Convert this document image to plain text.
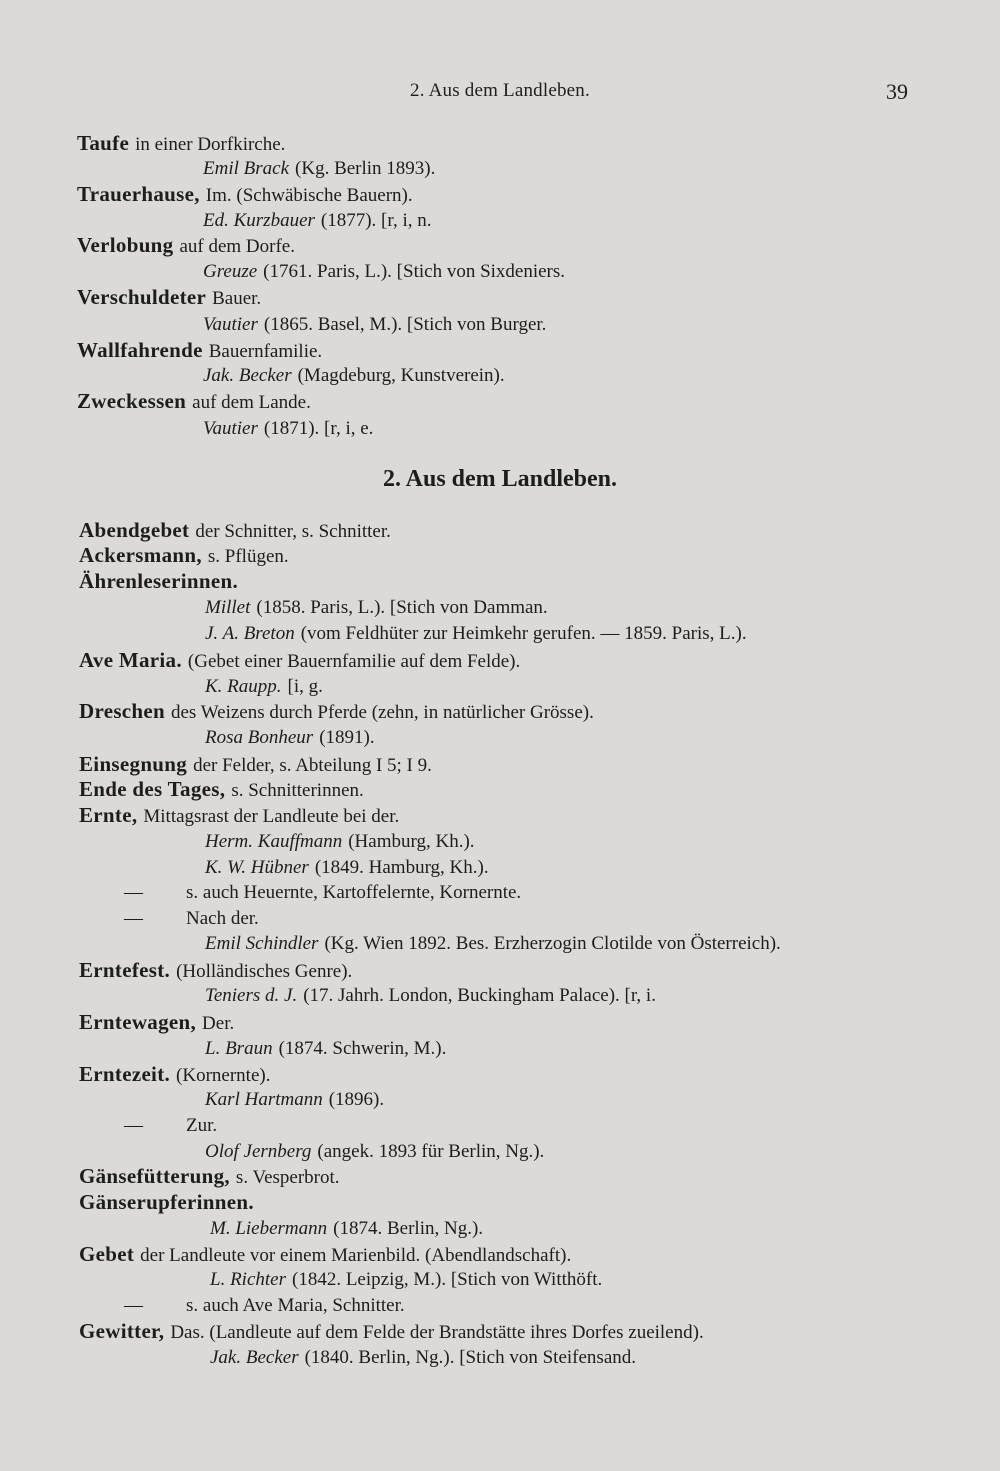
2. Aus dem Landleben.	39
Taufe in einer Dorfkirche.
Emil Brack (Kg. Berlin 1893).
Trauerhause, Im. (Schwäbische Bauern).
Ed. Kurzbauer (1877). [r, i, n.
Verlobung auf dem Dorfe.
Greuze (1761. Paris, L.). [Stich von Sixdeniers.
Verschuldeter Bauer.
Vautier (1865. Basel, M.). [Stich von Burger.
Wallfahrende Bauernfamilie.
Jak. Becker (Magdeburg, Kunstverein).
Zweckessen auf dem Lande.
Vautier (1871). [r, i, e.
2. Aus dem Landleben.
Abendgebet der Schnitter, s. Schnitter.
Ackersmann, s. Pflügen.
Ährenleserinnen.
Millet (1858. Paris, L.). [Stich von Damman.
J. A. Breton (vom Feldhüter zur Heimkehr gerufen. — 1859. Paris, L.).
Ave Maria. (Gebet einer Bauernfamilie auf dem Felde).
K. Raupp. [i, g.
Dreschen des Weizens durch Pferde (zehn, in natürlicher Grösse).
Rosa Bonheur (1891).
Einsegnung der Felder, s. Abteilung I 5; I 9.
Ende des Tages, s. Schnitterinnen.
Ernte, Mittagsrast der Landleute bei der.
Herm. Kauffmann (Hamburg, Kh.).
K. W. Hübner (1849. Hamburg, Kh.).
— s. auch Heuernte, Kartoffelernte, Kornernte.
— Nach der.
Emil Schindler (Kg. Wien 1892. Bes. Erzherzogin Clotilde von Österreich).
Erntefest. (Holländisches Genre).
Teniers d. J. (17. Jahrh. London, Buckingham Palace). [r, i.
Erntewagen, Der.
L. Braun (1874. Schwerin, M.).
Erntezeit. (Kornernte).
Karl Hartmann (1896).
— Zur.
Olof Jernberg (angek. 1893 für Berlin, Ng.).
Gänsefütterung, s. Vesperbrot.
Gänserupferinnen.
M. Liebermann (1874. Berlin, Ng.).
Gebet der Landleute vor einem Marienbild. (Abendlandschaft).
L. Richter (1842. Leipzig, M.). [Stich von Witthöft.
— s. auch Ave Maria, Schnitter.
Gewitter, Das. (Landleute auf dem Felde der Brandstätte ihres Dorfes zueilend).
Jak. Becker (1840. Berlin, Ng.). [Stich von Steifensand.
